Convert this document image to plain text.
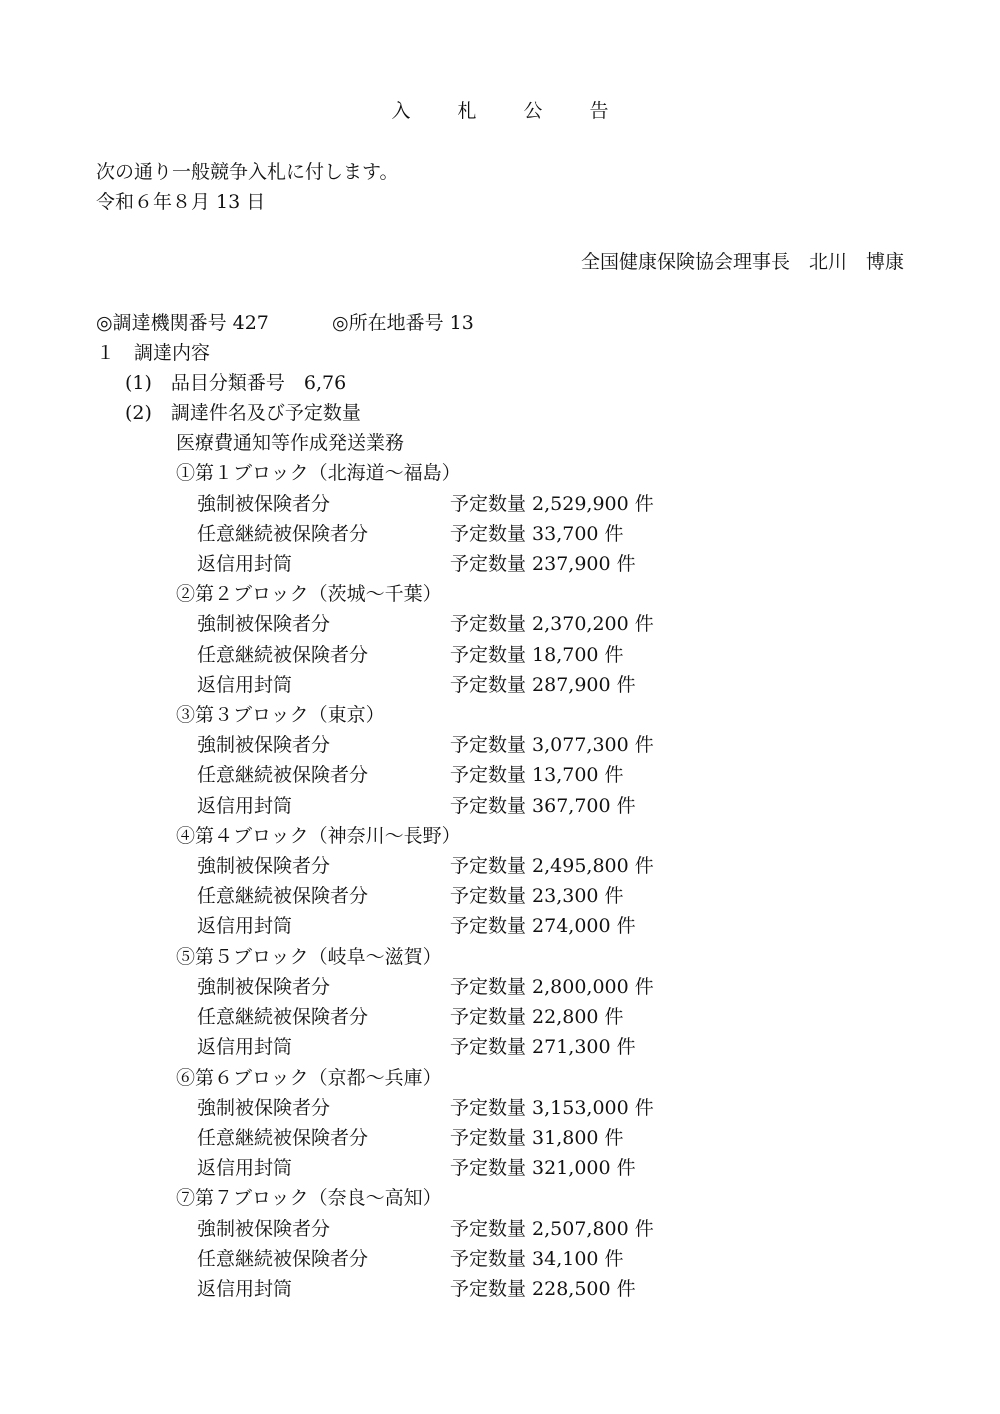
入　札　公　告
次の通り一般競争入札に付します。
令和６年８月 13 日
全国健康保険協会理事長　北川　博康
◎調達機関番号 427	◎所在地番号 13
１　調達内容
(1)　品目分類番号　6,76
(2)　調達件名及び予定数量
医療費通知等作成発送業務
①第１ブロック（北海道～福島）
強制被保険者分	予定数量 2,529,900 件
任意継続被保険者分	予定数量 33,700 件
返信用封筒	予定数量 237,900 件
②第２ブロック（茨城～千葉）
強制被保険者分	予定数量 2,370,200 件
任意継続被保険者分	予定数量 18,700 件
返信用封筒	予定数量 287,900 件
③第３ブロック（東京）
強制被保険者分	予定数量 3,077,300 件
任意継続被保険者分	予定数量 13,700 件
返信用封筒	予定数量 367,700 件
④第４ブロック（神奈川～長野）
強制被保険者分	予定数量 2,495,800 件
任意継続被保険者分	予定数量 23,300 件
返信用封筒	予定数量 274,000 件
⑤第５ブロック（岐阜～滋賀）
強制被保険者分	予定数量 2,800,000 件
任意継続被保険者分	予定数量 22,800 件
返信用封筒	予定数量 271,300 件
⑥第６ブロック（京都～兵庫）
強制被保険者分	予定数量 3,153,000 件
任意継続被保険者分	予定数量 31,800 件
返信用封筒	予定数量 321,000 件
⑦第７ブロック（奈良～高知）
強制被保険者分	予定数量 2,507,800 件
任意継続被保険者分	予定数量 34,100 件
返信用封筒	予定数量 228,500 件
